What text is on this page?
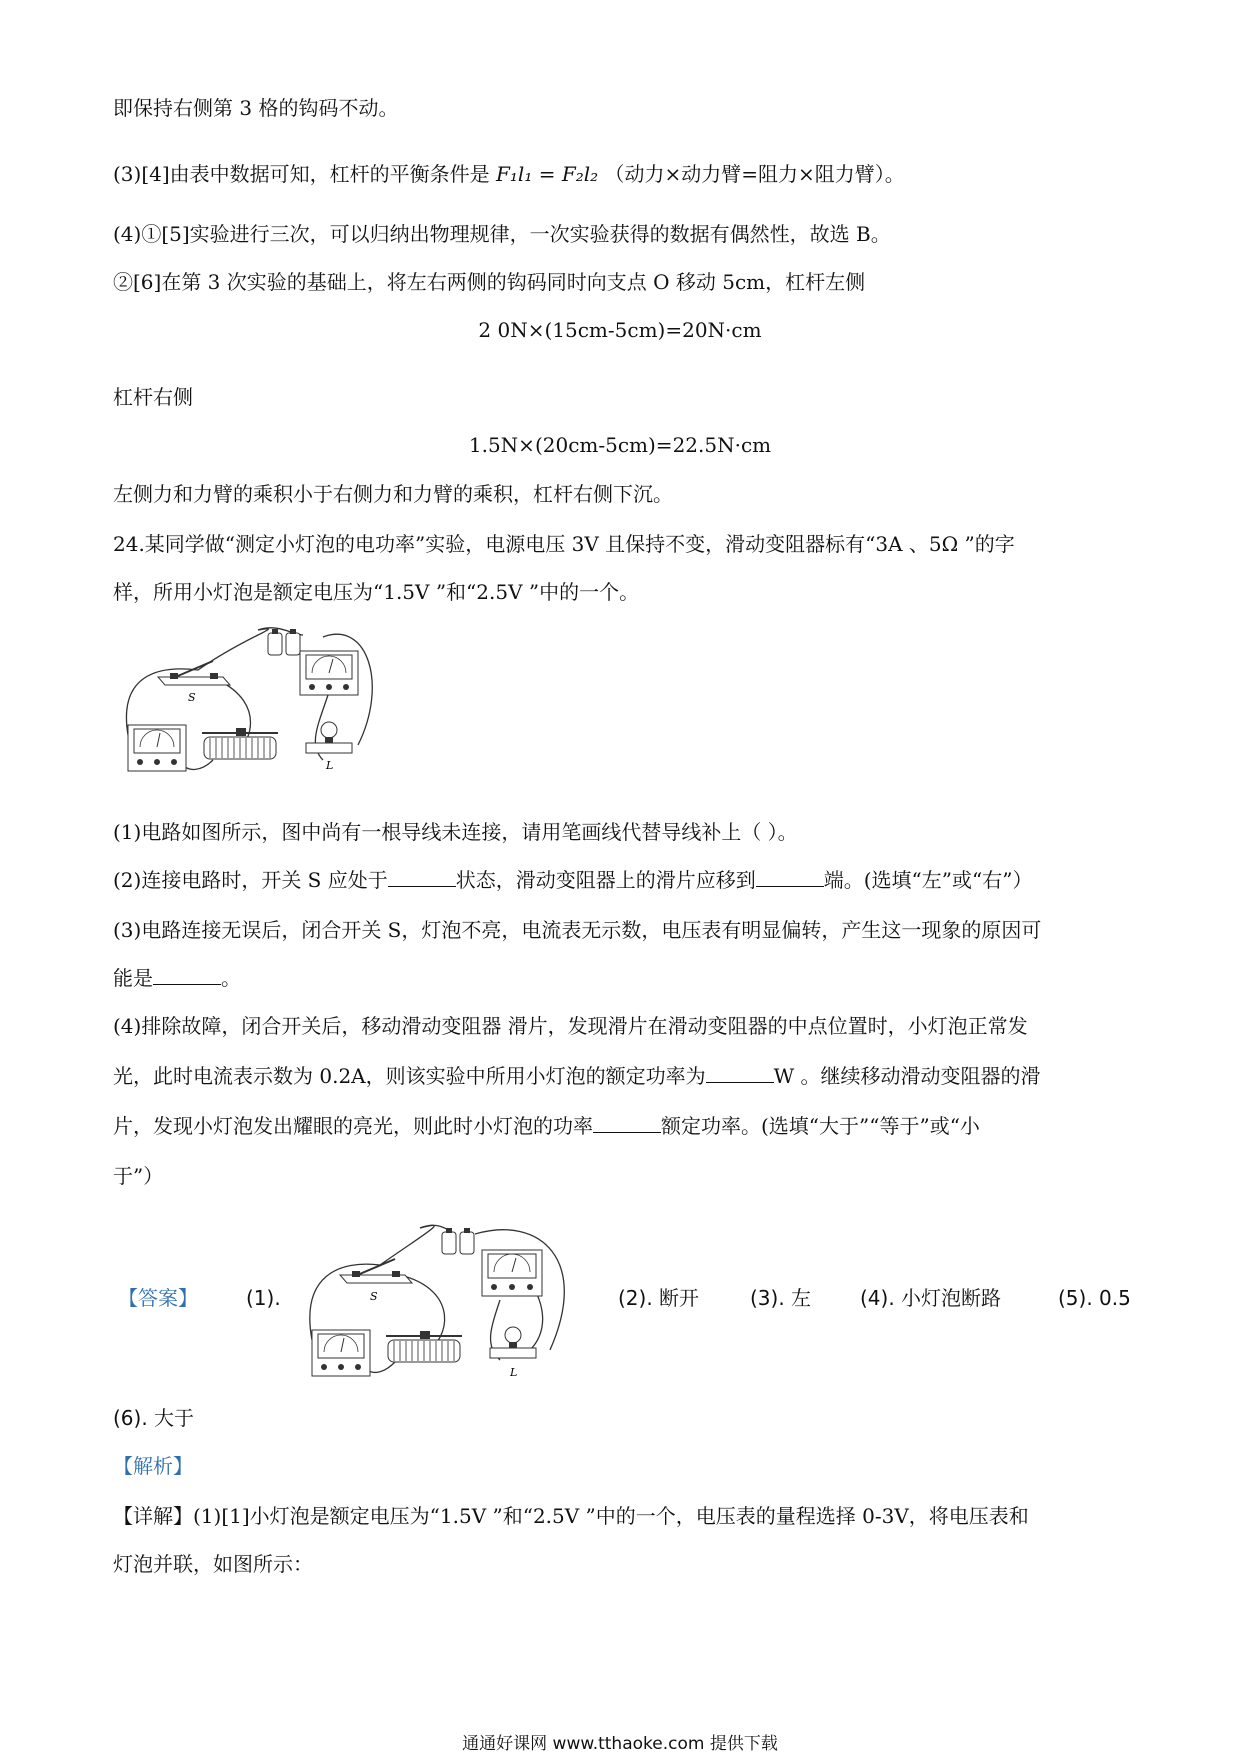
即保持右侧第 3 格的钩码不动。
(3)[4]由表中数据可知，杠杆的平衡条件是 F₁l₁ = F₂l₂ （动力×动力臂=阻力×阻力臂）。
(4)①[5]实验进行三次，可以归纳出物理规律，一次实验获得的数据有偶然性，故选 B。
②[6]在第 3 次实验的基础上，将左右两侧的钩码同时向支点 O 移动 5cm，杠杆左侧
2 0N×(15cm-5cm)=20N·cm
杠杆右侧
1.5N×(20cm-5cm)=22.5N·cm
左侧力和力臂的乘积小于右侧力和力臂的乘积，杠杆右侧下沉。
24.某同学做“测定小灯泡的电功率”实验，电源电压 3V 且保持不变，滑动变阻器标有“3A 、5Ω ”的字
样，所用小灯泡是额定电压为“1.5V ”和“2.5V ”中的一个。
S
L
(1)电路如图所示，图中尚有一根导线未连接，请用笔画线代替导线补上（ ）。
(2)连接电路时，开关 S 应处于	状态，滑动变阻器上的滑片应移到	端。(选填“左”或“右”）
(3)电路连接无误后，闭合开关 S，灯泡不亮，电流表无示数，电压表有明显偏转，产生这一现象的原因可
能是	。
(4)排除故障，闭合开关后，移动滑动变阻器 滑片，发现滑片在滑动变阻器的中点位置时，小灯泡正常发
光，此时电流表示数为 0.2A，则该实验中所用小灯泡的额定功率为	W 。继续移动滑动变阻器的滑
片，发现小灯泡发出耀眼的亮光，则此时小灯泡的功率	额定功率。(选填“大于”“等于”或“小
于”）
【答案】 (1).	S
L
(2). 断开	(3). 左 (4). 小灯泡断路	(5). 0.5
(6). 大于
【解析】
【详解】(1)[1]小灯泡是额定电压为“1.5V ”和“2.5V ”中的一个，电压表的量程选择 0-3V，将电压表和
灯泡并联，如图所示：
通通好课网 www.tthaoke.com 提供下载
